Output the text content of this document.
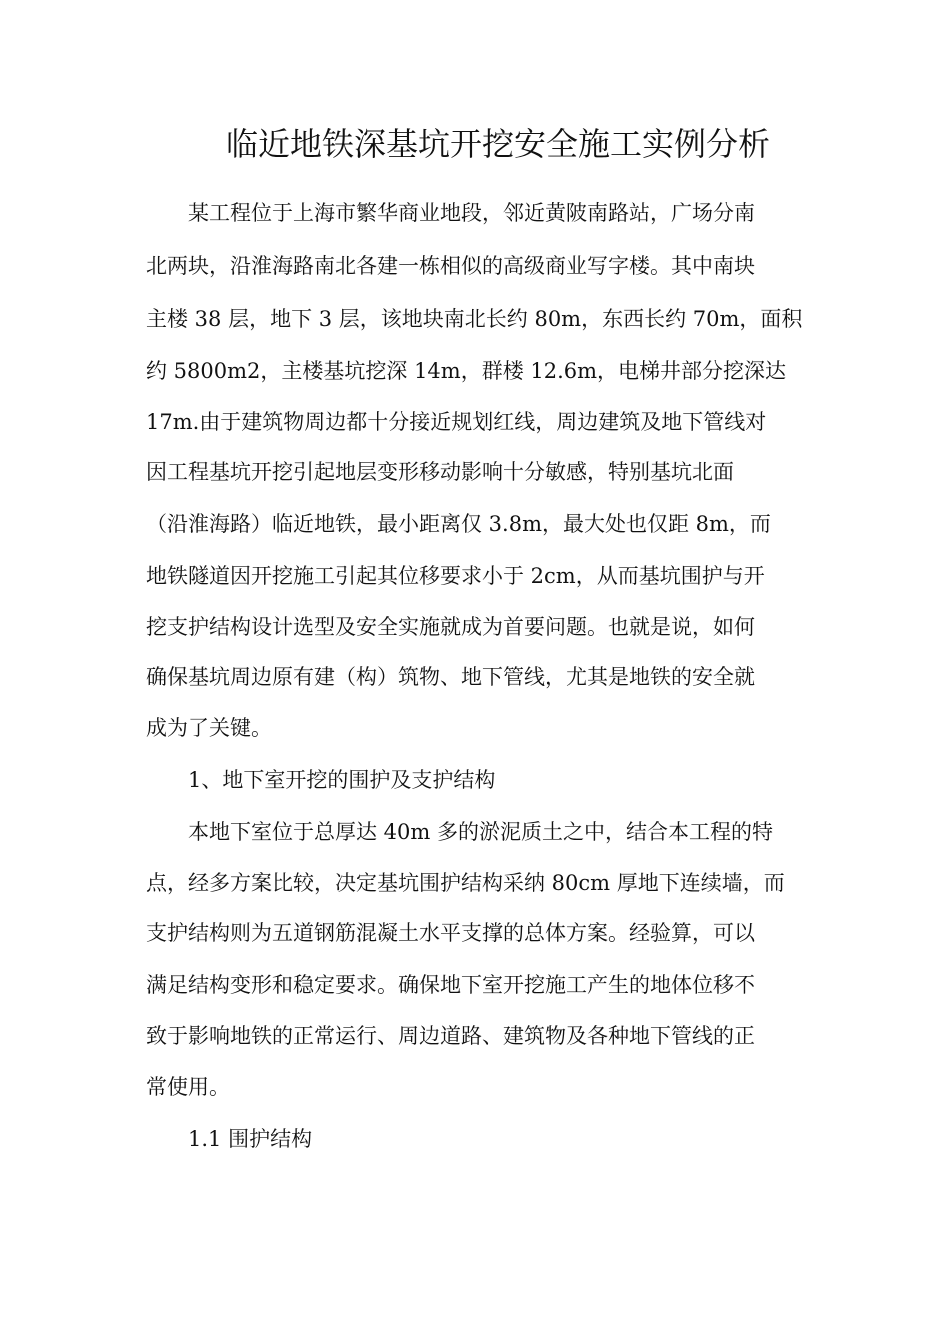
临近地铁深基坑开挖安全施工实例分析
某工程位于上海市繁华商业地段，邻近黄陂南路站，广场分南
北两块，沿淮海路南北各建一栋相似的高级商业写字楼。其中南块
主楼 38 层，地下 3 层，该地块南北长约 80m，东西长约 70m，面积
约 5800m2，主楼基坑挖深 14m，群楼 12.6m，电梯井部分挖深达
17m.由于建筑物周边都十分接近规划红线，周边建筑及地下管线对
因工程基坑开挖引起地层变形移动影响十分敏感，特别基坑北面
（沿淮海路）临近地铁，最小距离仅 3.8m，最大处也仅距 8m，而
地铁隧道因开挖施工引起其位移要求小于 2cm，从而基坑围护与开
挖支护结构设计选型及安全实施就成为首要问题。也就是说，如何
确保基坑周边原有建（构）筑物、地下管线，尤其是地铁的安全就
成为了关键。
1、地下室开挖的围护及支护结构
本地下室位于总厚达 40m 多的淤泥质土之中，结合本工程的特
点，经多方案比较，决定基坑围护结构采纳 80cm 厚地下连续墙，而
支护结构则为五道钢筋混凝土水平支撑的总体方案。经验算，可以
满足结构变形和稳定要求。确保地下室开挖施工产生的地体位移不
致于影响地铁的正常运行、周边道路、建筑物及各种地下管线的正
常使用。
1.1 围护结构
